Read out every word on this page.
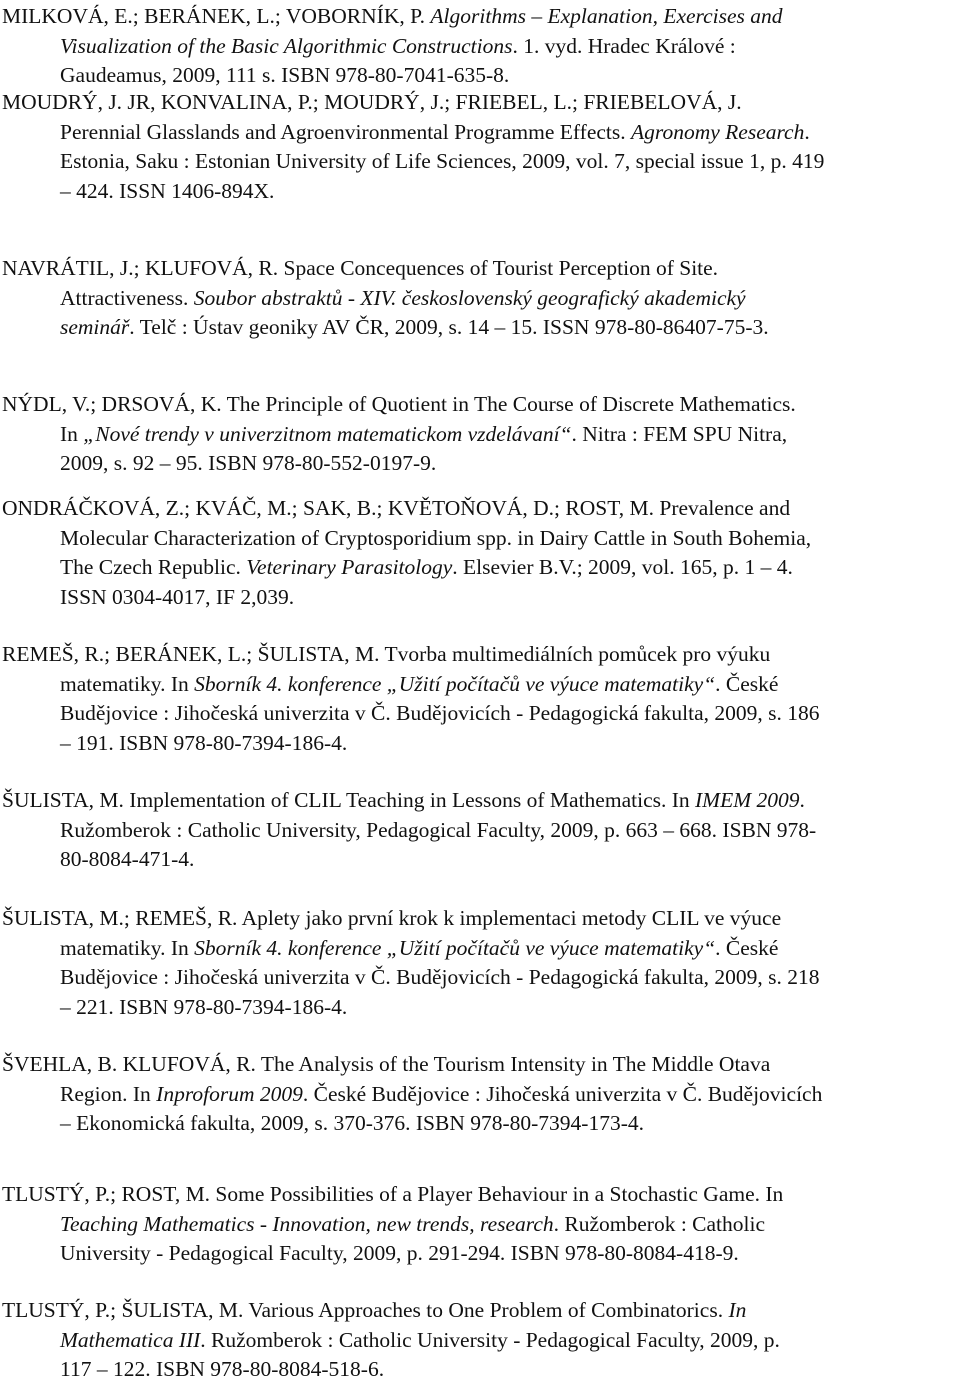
MILKOVÁ, E.; BERÁNEK, L.; VOBORNÍK, P. Algorithms – Explanation, Exercises and
Visualization of the Basic Algorithmic Constructions. 1. vyd. Hradec Králové :
Gaudeamus, 2009, 111 s. ISBN 978-80-7041-635-8.
MOUDRÝ, J. JR, KONVALINA, P.; MOUDRÝ, J.; FRIEBEL, L.; FRIEBELOVÁ, J.
Perennial Glasslands and Agroenvironmental Programme Effects. Agronomy Research.
Estonia, Saku : Estonian University of Life Sciences, 2009, vol. 7, special issue 1, p. 419
– 424. ISSN 1406-894X.
NAVRÁTIL, J.; KLUFOVÁ, R. Space Concequences of Tourist Perception of Site.
Attractiveness. Soubor abstraktů - XIV. československý geografický akademický
seminář. Telč : Ústav geoniky AV ČR, 2009, s. 14 – 15. ISSN 978-80-86407-75-3.
NÝDL, V.; DRSOVÁ, K. The Principle of Quotient in The Course of Discrete Mathematics.
In „Nové trendy v univerzitnom matematickom vzdelávaní“. Nitra : FEM SPU Nitra,
2009, s. 92 – 95. ISBN 978-80-552-0197-9.
ONDRÁČKOVÁ, Z.; KVÁČ, M.; SAK, B.; KVĚTOŇOVÁ, D.; ROST, M. Prevalence and
Molecular Characterization of Cryptosporidium spp. in Dairy Cattle in South Bohemia,
The Czech Republic. Veterinary Parasitology. Elsevier B.V.; 2009, vol. 165, p. 1 – 4.
ISSN 0304-4017, IF 2,039.
REMEŠ, R.; BERÁNEK, L.; ŠULISTA, M. Tvorba multimediálních pomůcek pro výuku
matematiky. In Sborník 4. konference „Užití počítačů ve výuce matematiky“. České
Budějovice : Jihočeská univerzita v Č. Budějovicích - Pedagogická fakulta, 2009, s. 186
– 191. ISBN 978-80-7394-186-4.
ŠULISTA, M. Implementation of CLIL Teaching in Lessons of Mathematics. In IMEM 2009.
Ružomberok : Catholic University, Pedagogical Faculty, 2009, p. 663 – 668. ISBN 978-
80-8084-471-4.
ŠULISTA, M.; REMEŠ, R. Aplety jako první krok k implementaci metody CLIL ve výuce
matematiky. In Sborník 4. konference „Užití počítačů ve výuce matematiky“. České
Budějovice : Jihočeská univerzita v Č. Budějovicích - Pedagogická fakulta, 2009, s. 218
– 221. ISBN 978-80-7394-186-4.
ŠVEHLA, B. KLUFOVÁ, R. The Analysis of the Tourism Intensity in The Middle Otava
Region. In Inproforum 2009. České Budějovice : Jihočeská univerzita v Č. Budějovicích
– Ekonomická fakulta, 2009, s. 370-376. ISBN 978-80-7394-173-4.
TLUSTÝ, P.; ROST, M. Some Possibilities of a Player Behaviour in a Stochastic Game. In
Teaching Mathematics - Innovation, new trends, research. Ružomberok : Catholic
University - Pedagogical Faculty, 2009, p. 291-294. ISBN 978-80-8084-418-9.
TLUSTÝ, P.; ŠULISTA, M. Various Approaches to One Problem of Combinatorics. In
Mathematica III. Ružomberok : Catholic University - Pedagogical Faculty, 2009, p.
117 – 122. ISBN 978-80-8084-518-6.
